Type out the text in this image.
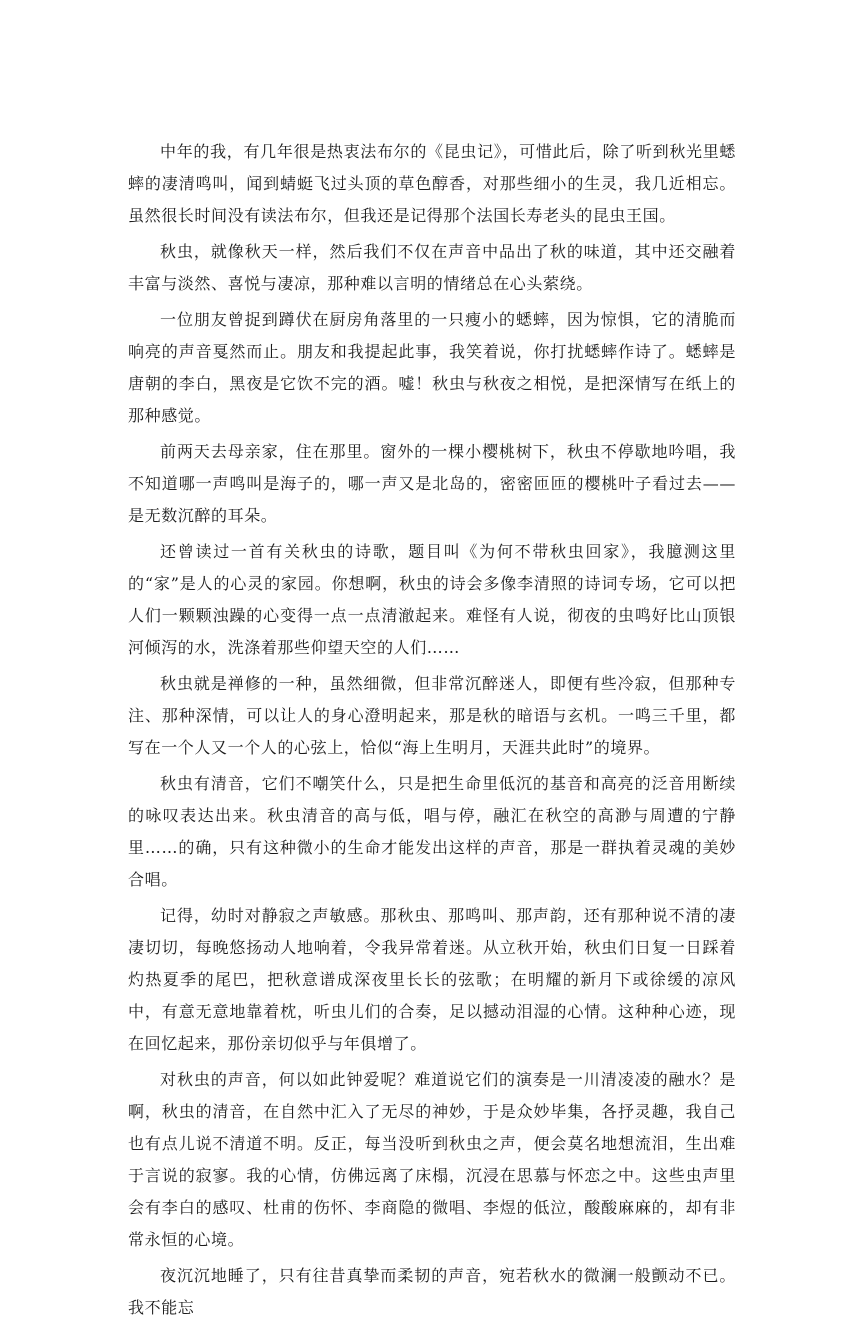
中年的我，有几年很是热衷法布尔的《昆虫记》，可惜此后，除了听到秋光里蟋蟀的凄清鸣叫，闻到蜻蜓飞过头顶的草色醇香，对那些细小的生灵，我几近相忘。虽然很长时间没有读法布尔，但我还是记得那个法国长寿老头的昆虫王国。

秋虫，就像秋天一样，然后我们不仅在声音中品出了秋的味道，其中还交融着丰富与淡然、喜悦与凄凉，那种难以言明的情绪总在心头萦绕。

一位朋友曾捉到蹲伏在厨房角落里的一只瘦小的蟋蟀，因为惊惧，它的清脆而响亮的声音戛然而止。朋友和我提起此事，我笑着说，你打扰蟋蟀作诗了。蟋蟀是唐朝的李白，黑夜是它饮不完的酒。嘘！秋虫与秋夜之相悦，是把深情写在纸上的那种感觉。

前两天去母亲家，住在那里。窗外的一棵小樱桃树下，秋虫不停歇地吟唱，我不知道哪一声鸣叫是海子的，哪一声又是北岛的，密密匝匝的樱桃叶子看过去——是无数沉醉的耳朵。

还曾读过一首有关秋虫的诗歌，题目叫《为何不带秋虫回家》，我臆测这里的“家”是人的心灵的家园。你想啊，秋虫的诗会多像李清照的诗词专场，它可以把人们一颗颗浊躁的心变得一点一点清澈起来。难怪有人说，彻夜的虫鸣好比山顶银河倾泻的水，洗涤着那些仰望天空的人们……

秋虫就是禅修的一种，虽然细微，但非常沉醉迷人，即便有些冷寂，但那种专注、那种深情，可以让人的身心澄明起来，那是秋的暗语与玄机。一鸣三千里，都写在一个人又一个人的心弦上，恰似“海上生明月，天涯共此时”的境界。

秋虫有清音，它们不嘲笑什么，只是把生命里低沉的基音和高亮的泛音用断续的咏叹表达出来。秋虫清音的高与低，唱与停，融汇在秋空的高渺与周遭的宁静里……的确，只有这种微小的生命才能发出这样的声音，那是一群执着灵魂的美妙合唱。

记得，幼时对静寂之声敏感。那秋虫、那鸣叫、那声韵，还有那种说不清的凄凄切切，每晚悠扬动人地响着，令我异常着迷。从立秋开始，秋虫们日复一日踩着灼热夏季的尾巴，把秋意谱成深夜里长长的弦歌；在明耀的新月下或徐缓的凉风中，有意无意地靠着枕，听虫儿们的合奏，足以撼动泪湿的心情。这种种心迹，现在回忆起来，那份亲切似乎与年俱增了。

对秋虫的声音，何以如此钟爱呢？难道说它们的演奏是一川清凌凌的融水？是啊，秋虫的清音，在自然中汇入了无尽的神妙，于是众妙毕集，各抒灵趣，我自己也有点儿说不清道不明。反正，每当没听到秋虫之声，便会莫名地想流泪，生出难于言说的寂寥。我的心情，仿佛远离了床榻，沉浸在思慕与怀恋之中。这些虫声里会有李白的感叹、杜甫的伤怀、李商隐的微唱、李煜的低泣，酸酸麻麻的，却有非常永恒的心境。

夜沉沉地睡了，只有往昔真挚而柔韧的声音，宛若秋水的微澜一般颤动不已。我不能忘
